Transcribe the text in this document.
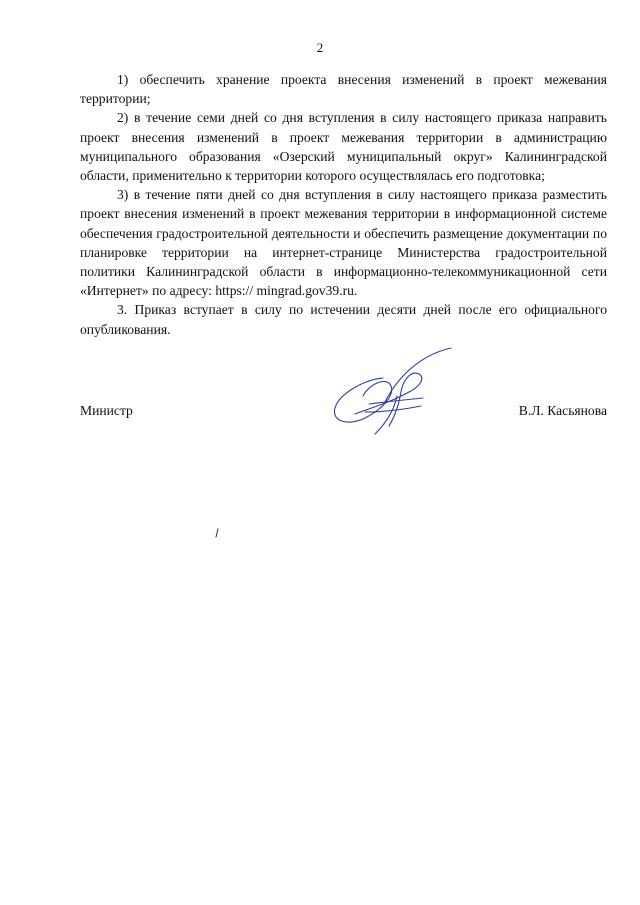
2

1) обеспечить хранение проекта внесения изменений в проект межевания территории;

2) в течение семи дней со дня вступления в силу настоящего приказа направить проект внесения изменений в проект межевания территории в администрацию муниципального образования «Озерский муниципальный округ» Калининградской области, применительно к территории которого осуществлялась его подготовка;

3) в течение пяти дней со дня вступления в силу настоящего приказа разместить проект внесения изменений в проект межевания территории в информационной системе обеспечения градостроительной деятельности и обеспечить размещение документации по планировке территории на интернет-странице Министерства градостроительной политики Калининградской области в информационно-телекоммуникационной сети «Интернет» по адресу: https:// mingrad.gov39.ru.

3. Приказ вступает в силу по истечении десяти дней после его официального опубликования.

Министр	В.Л. Касьянова
